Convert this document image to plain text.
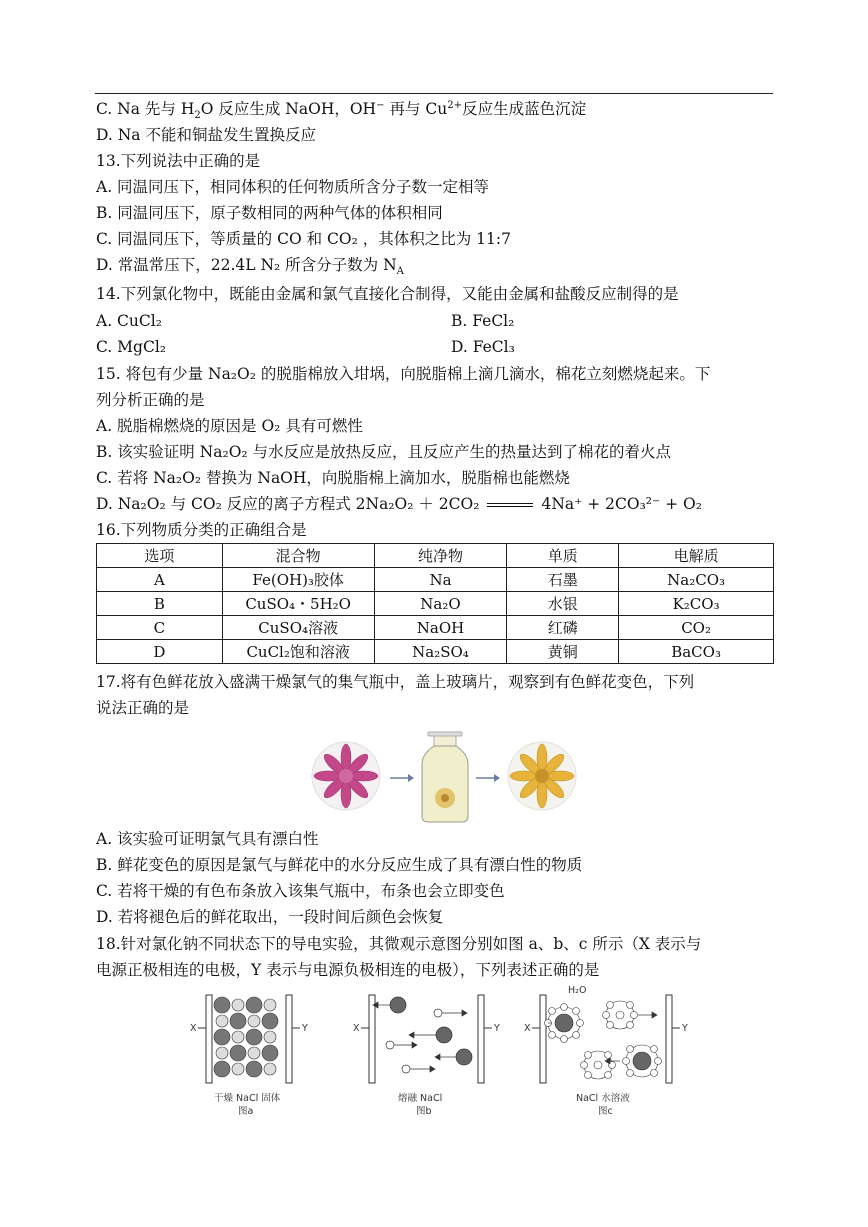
C. Na 先与 $H_2O$ 反应生成 NaOH，OH− 再与 $Cu^{2+}$反应生成蓝色沉淀
D. Na 不能和铜盐发生置换反应
13.下列说法中正确的是
A. 同温同压下，相同体积的任何物质所含分子数一定相等
B. 同温同压下，原子数相同的两种气体的体积相同
C. 同温同压下，等质量的 CO 和 CO₂ ，其体积之比为 11:7
D. 常温常压下，22.4L N₂ 所含分子数为 $N_A$
14.下列氯化物中，既能由金属和氯气直接化合制得，又能由金属和盐酸反应制得的是
A. CuCl₂	B. FeCl₂
C. MgCl₂	D. FeCl₃
15. 将包有少量 Na₂O₂ 的脱脂棉放入坩埚，向脱脂棉上滴几滴水，棉花立刻燃烧起来。下
列分析正确的是
A. 脱脂棉燃烧的原因是 O₂ 具有可燃性
B. 该实验证明 Na₂O₂ 与水反应是放热反应，且反应产生的热量达到了棉花的着火点
C. 若将 Na₂O₂ 替换为 NaOH，向脱脂棉上滴加水，脱脂棉也能燃烧
D. Na₂O₂ 与 CO₂ 反应的离子方程式 2Na₂O₂ ＋ 2CO₂	4Na⁺ + 2CO₃²⁻ + O₂
16.下列物质分类的正确组合是
选项	混合物	纯净物	单质	电解质
A	Fe(OH)₃胶体	Na	石墨	Na₂CO₃
B	CuSO₄・5H₂O	Na₂O	水银	K₂CO₃
C	CuSO₄溶液	NaOH	红磷	CO₂
D	CuCl₂饱和溶液	Na₂SO₄	黄铜	BaCO₃
17.将有色鲜花放入盛满干燥氯气的集气瓶中，盖上玻璃片，观察到有色鲜花变色，下列
说法正确的是
A. 该实验可证明氯气具有漂白性
B. 鲜花变色的原因是氯气与鲜花中的水分反应生成了具有漂白性的物质
C. 若将干燥的有色布条放入该集气瓶中，布条也会立即变色
D. 若将褪色后的鲜花取出，一段时间后颜色会恢复
18.针对氯化钠不同状态下的导电实验，其微观示意图分别如图 a、b、c 所示（X 表示与
电源正极相连的电极，Y 表示与电源负极相连的电极），下列表述正确的是
X	Y
干燥 NaCl 固体
图a
X	Y
熔融 NaCl
图b
X	Y
H₂O
NaCl 水溶液
图c
